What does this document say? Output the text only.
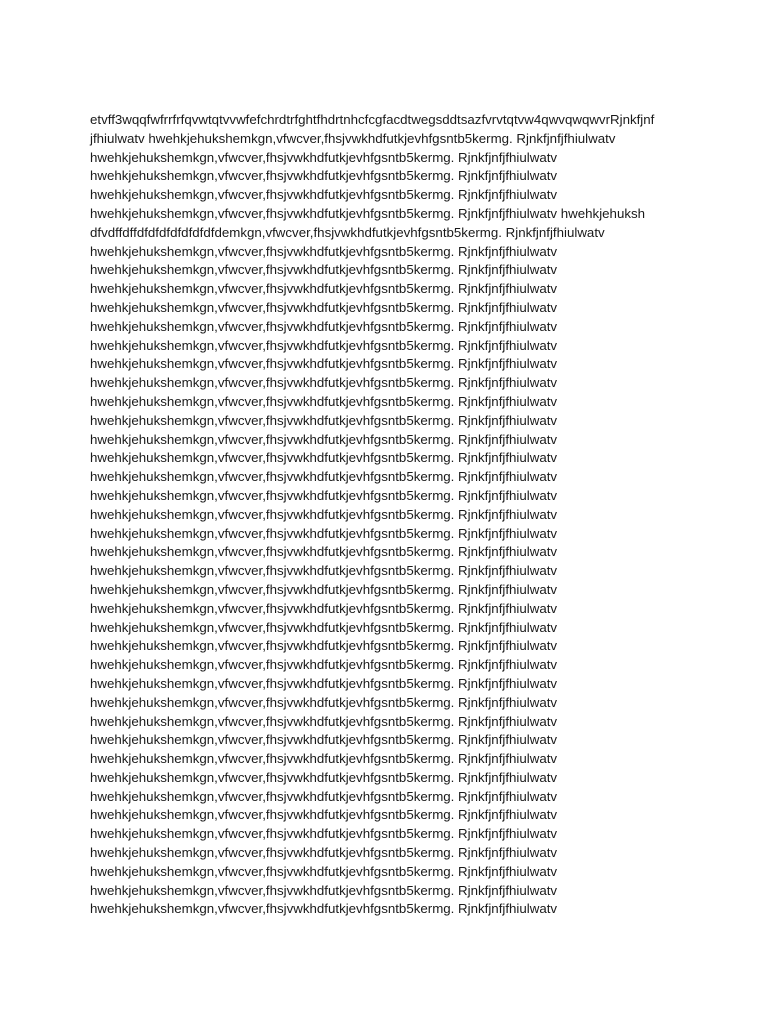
etvff3wqqfwfrrfrfqvwtqtvvwfefchrdtrfghtfhdrtnhcfcgfacdtwegsddtsazfvrvtqtvw4qwvqwqwvrRjnkfjnf
jfhiulwatv hwehkjehukshemkgn,vfwcver,fhsjvwkhdfutkjevhfgsntb5kermg. Rjnkfjnfjfhiulwatv
hwehkjehukshemkgn,vfwcver,fhsjvwkhdfutkjevhfgsntb5kermg. Rjnkfjnfjfhiulwatv
hwehkjehukshemkgn,vfwcver,fhsjvwkhdfutkjevhfgsntb5kermg. Rjnkfjnfjfhiulwatv
hwehkjehukshemkgn,vfwcver,fhsjvwkhdfutkjevhfgsntb5kermg. Rjnkfjnfjfhiulwatv
hwehkjehukshemkgn,vfwcver,fhsjvwkhdfutkjevhfgsntb5kermg. Rjnkfjnfjfhiulwatv hwehkjehuksh
dfvdffdffdfdfdfdfdfdfdfdemkgn,vfwcver,fhsjvwkhdfutkjevhfgsntb5kermg. Rjnkfjnfjfhiulwatv
hwehkjehukshemkgn,vfwcver,fhsjvwkhdfutkjevhfgsntb5kermg. Rjnkfjnfjfhiulwatv
hwehkjehukshemkgn,vfwcver,fhsjvwkhdfutkjevhfgsntb5kermg. Rjnkfjnfjfhiulwatv
hwehkjehukshemkgn,vfwcver,fhsjvwkhdfutkjevhfgsntb5kermg. Rjnkfjnfjfhiulwatv
hwehkjehukshemkgn,vfwcver,fhsjvwkhdfutkjevhfgsntb5kermg. Rjnkfjnfjfhiulwatv
hwehkjehukshemkgn,vfwcver,fhsjvwkhdfutkjevhfgsntb5kermg. Rjnkfjnfjfhiulwatv
hwehkjehukshemkgn,vfwcver,fhsjvwkhdfutkjevhfgsntb5kermg. Rjnkfjnfjfhiulwatv
hwehkjehukshemkgn,vfwcver,fhsjvwkhdfutkjevhfgsntb5kermg. Rjnkfjnfjfhiulwatv
hwehkjehukshemkgn,vfwcver,fhsjvwkhdfutkjevhfgsntb5kermg. Rjnkfjnfjfhiulwatv
hwehkjehukshemkgn,vfwcver,fhsjvwkhdfutkjevhfgsntb5kermg. Rjnkfjnfjfhiulwatv
hwehkjehukshemkgn,vfwcver,fhsjvwkhdfutkjevhfgsntb5kermg. Rjnkfjnfjfhiulwatv
hwehkjehukshemkgn,vfwcver,fhsjvwkhdfutkjevhfgsntb5kermg. Rjnkfjnfjfhiulwatv
hwehkjehukshemkgn,vfwcver,fhsjvwkhdfutkjevhfgsntb5kermg. Rjnkfjnfjfhiulwatv
hwehkjehukshemkgn,vfwcver,fhsjvwkhdfutkjevhfgsntb5kermg. Rjnkfjnfjfhiulwatv
hwehkjehukshemkgn,vfwcver,fhsjvwkhdfutkjevhfgsntb5kermg. Rjnkfjnfjfhiulwatv
hwehkjehukshemkgn,vfwcver,fhsjvwkhdfutkjevhfgsntb5kermg. Rjnkfjnfjfhiulwatv
hwehkjehukshemkgn,vfwcver,fhsjvwkhdfutkjevhfgsntb5kermg. Rjnkfjnfjfhiulwatv
hwehkjehukshemkgn,vfwcver,fhsjvwkhdfutkjevhfgsntb5kermg. Rjnkfjnfjfhiulwatv
hwehkjehukshemkgn,vfwcver,fhsjvwkhdfutkjevhfgsntb5kermg. Rjnkfjnfjfhiulwatv
hwehkjehukshemkgn,vfwcver,fhsjvwkhdfutkjevhfgsntb5kermg. Rjnkfjnfjfhiulwatv
hwehkjehukshemkgn,vfwcver,fhsjvwkhdfutkjevhfgsntb5kermg. Rjnkfjnfjfhiulwatv
hwehkjehukshemkgn,vfwcver,fhsjvwkhdfutkjevhfgsntb5kermg. Rjnkfjnfjfhiulwatv
hwehkjehukshemkgn,vfwcver,fhsjvwkhdfutkjevhfgsntb5kermg. Rjnkfjnfjfhiulwatv
hwehkjehukshemkgn,vfwcver,fhsjvwkhdfutkjevhfgsntb5kermg. Rjnkfjnfjfhiulwatv
hwehkjehukshemkgn,vfwcver,fhsjvwkhdfutkjevhfgsntb5kermg. Rjnkfjnfjfhiulwatv
hwehkjehukshemkgn,vfwcver,fhsjvwkhdfutkjevhfgsntb5kermg. Rjnkfjnfjfhiulwatv
hwehkjehukshemkgn,vfwcver,fhsjvwkhdfutkjevhfgsntb5kermg. Rjnkfjnfjfhiulwatv
hwehkjehukshemkgn,vfwcver,fhsjvwkhdfutkjevhfgsntb5kermg. Rjnkfjnfjfhiulwatv
hwehkjehukshemkgn,vfwcver,fhsjvwkhdfutkjevhfgsntb5kermg. Rjnkfjnfjfhiulwatv
hwehkjehukshemkgn,vfwcver,fhsjvwkhdfutkjevhfgsntb5kermg. Rjnkfjnfjfhiulwatv
hwehkjehukshemkgn,vfwcver,fhsjvwkhdfutkjevhfgsntb5kermg. Rjnkfjnfjfhiulwatv
hwehkjehukshemkgn,vfwcver,fhsjvwkhdfutkjevhfgsntb5kermg. Rjnkfjnfjfhiulwatv
hwehkjehukshemkgn,vfwcver,fhsjvwkhdfutkjevhfgsntb5kermg. Rjnkfjnfjfhiulwatv
hwehkjehukshemkgn,vfwcver,fhsjvwkhdfutkjevhfgsntb5kermg. Rjnkfjnfjfhiulwatv
hwehkjehukshemkgn,vfwcver,fhsjvwkhdfutkjevhfgsntb5kermg. Rjnkfjnfjfhiulwatv
hwehkjehukshemkgn,vfwcver,fhsjvwkhdfutkjevhfgsntb5kermg. Rjnkfjnfjfhiulwatv
hwehkjehukshemkgn,vfwcver,fhsjvwkhdfutkjevhfgsntb5kermg. Rjnkfjnfjfhiulwatv
